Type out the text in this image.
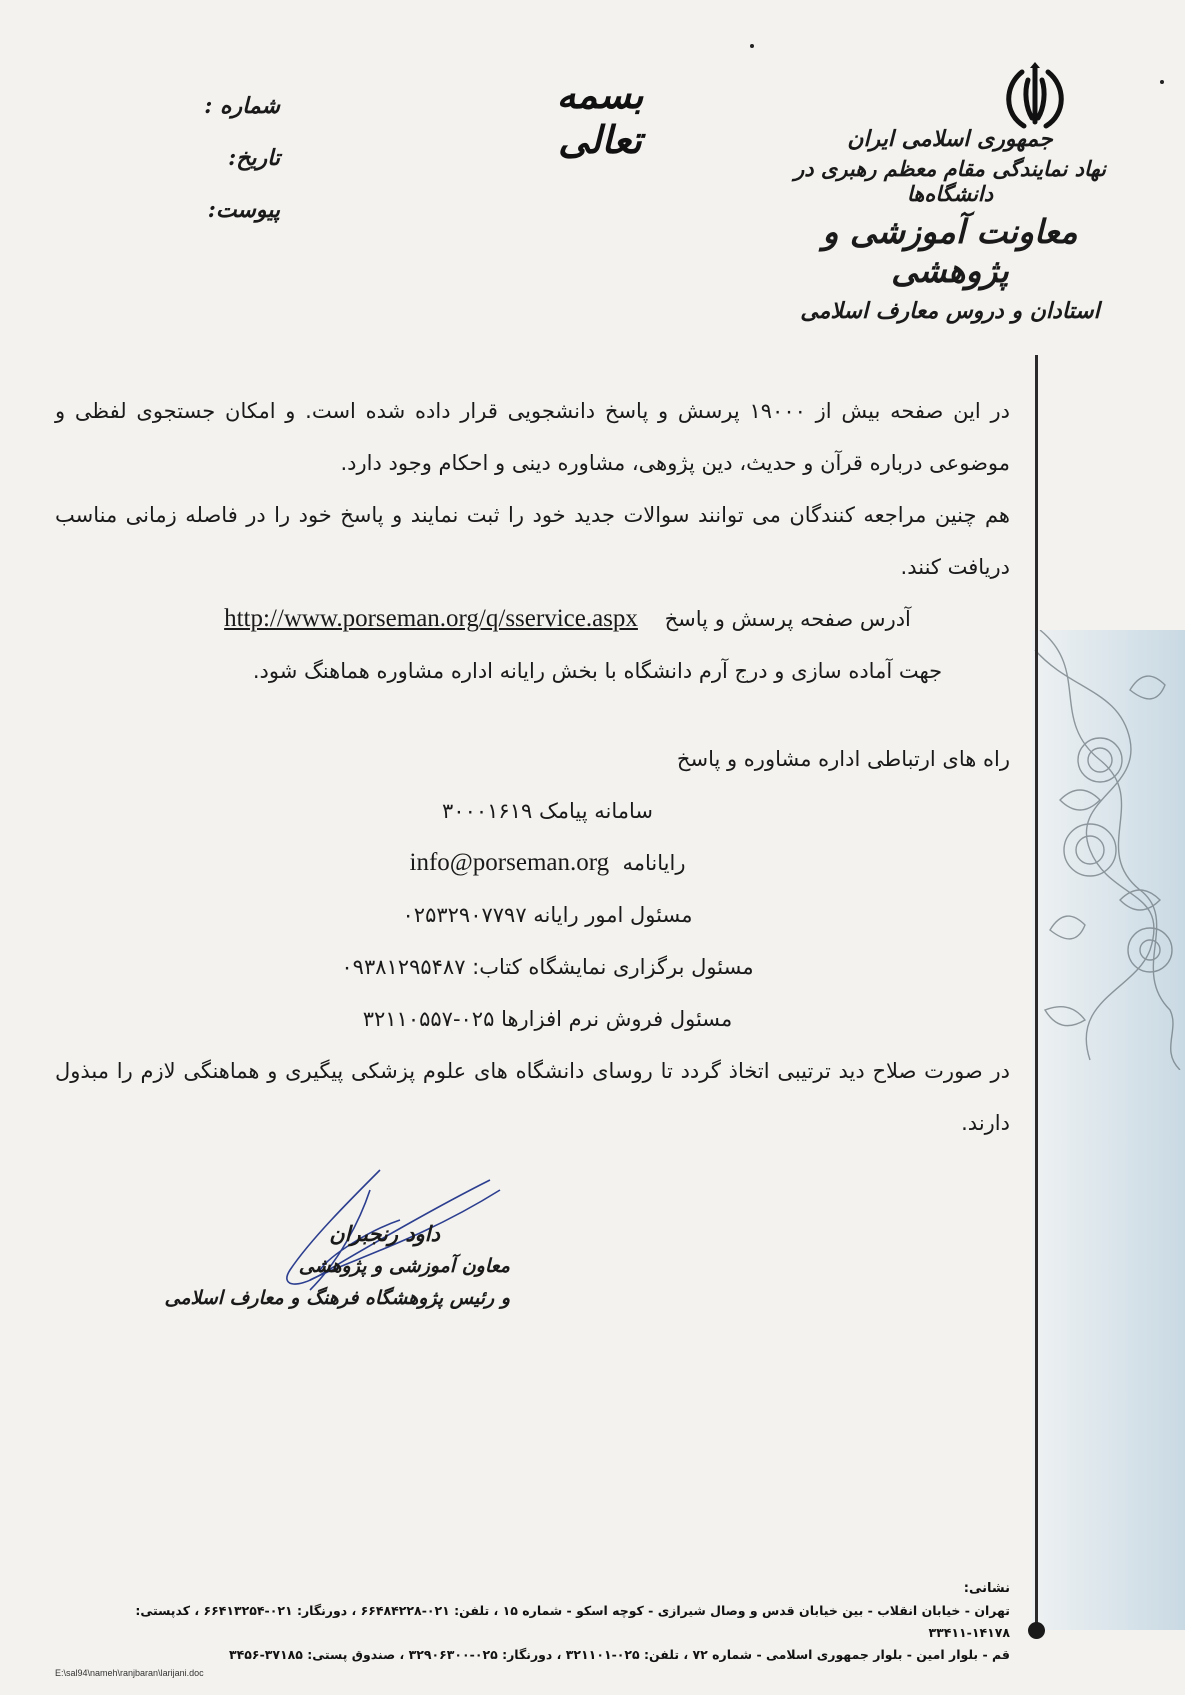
بسمه تعالی
شماره :
تاریخ:
پیوست:
جمهوری اسلامی ایران
نهاد نمایندگی مقام معظم رهبری در دانشگاه‌ها
معاونت آموزشی و پژوهشی
استادان و دروس معارف اسلامی

در این صفحه بیش از ۱۹۰۰۰ پرسش و پاسخ دانشجویی قرار داده شده است. و امکان جستجوی لفظی و موضوعی درباره قرآن و حدیث، دین پژوهی، مشاوره دینی و احکام وجود دارد.

هم چنین مراجعه کنندگان می توانند سوالات جدید خود را ثبت نمایند و پاسخ خود را در فاصله زمانی مناسب دریافت کنند.

آدرس صفحه پرسش و پاسخ    http://www.porseman.org/q/sservice.aspx

جهت آماده سازی و درج آرم دانشگاه با بخش رایانه اداره مشاوره هماهنگ شود.

راه های ارتباطی اداره مشاوره و پاسخ

سامانه پیامک ۳۰۰۰۱۶۱۹

رایانامه  info@porseman.org

مسئول امور رایانه ۰۲۵۳۲۹۰۷۷۹۷

مسئول برگزاری نمایشگاه کتاب: ۰۹۳۸۱۲۹۵۴۸۷

مسئول فروش نرم افزارها ۰۲۵-۳۲۱۱۰۵۵۷

در صورت صلاح دید ترتیبی اتخاذ گردد تا روسای دانشگاه های علوم پزشکی پیگیری و هماهنگی لازم را مبذول دارند.

داود رنجبران
معاون آموزشی و پژوهشی
و رئیس پژوهشگاه فرهنگ و معارف اسلامی
نشانی:
تهران - خیابان انقلاب - بین خیابان قدس و وصال شیرازی - کوچه اسکو - شماره ۱۵ ، تلفن: ۰۲۱-۶۶۴۸۴۲۲۸ ، دورنگار: ۰۲۱-۶۶۴۱۳۲۵۴ ، کدپستی: ۱۴۱۷۸-۳۳۴۱۱
قم - بلوار امین - بلوار جمهوری اسلامی - شماره ۷۲ ، تلفن: ۰۲۵-۳۲۱۱۰۱ ، دورنگار: ۰۲۵-۳۲۹۰۶۳۰۰ ، صندوق پستی: ۳۷۱۸۵-۳۴۵۶
E:\sal94\nameh\ranjbaran\larijani.doc
